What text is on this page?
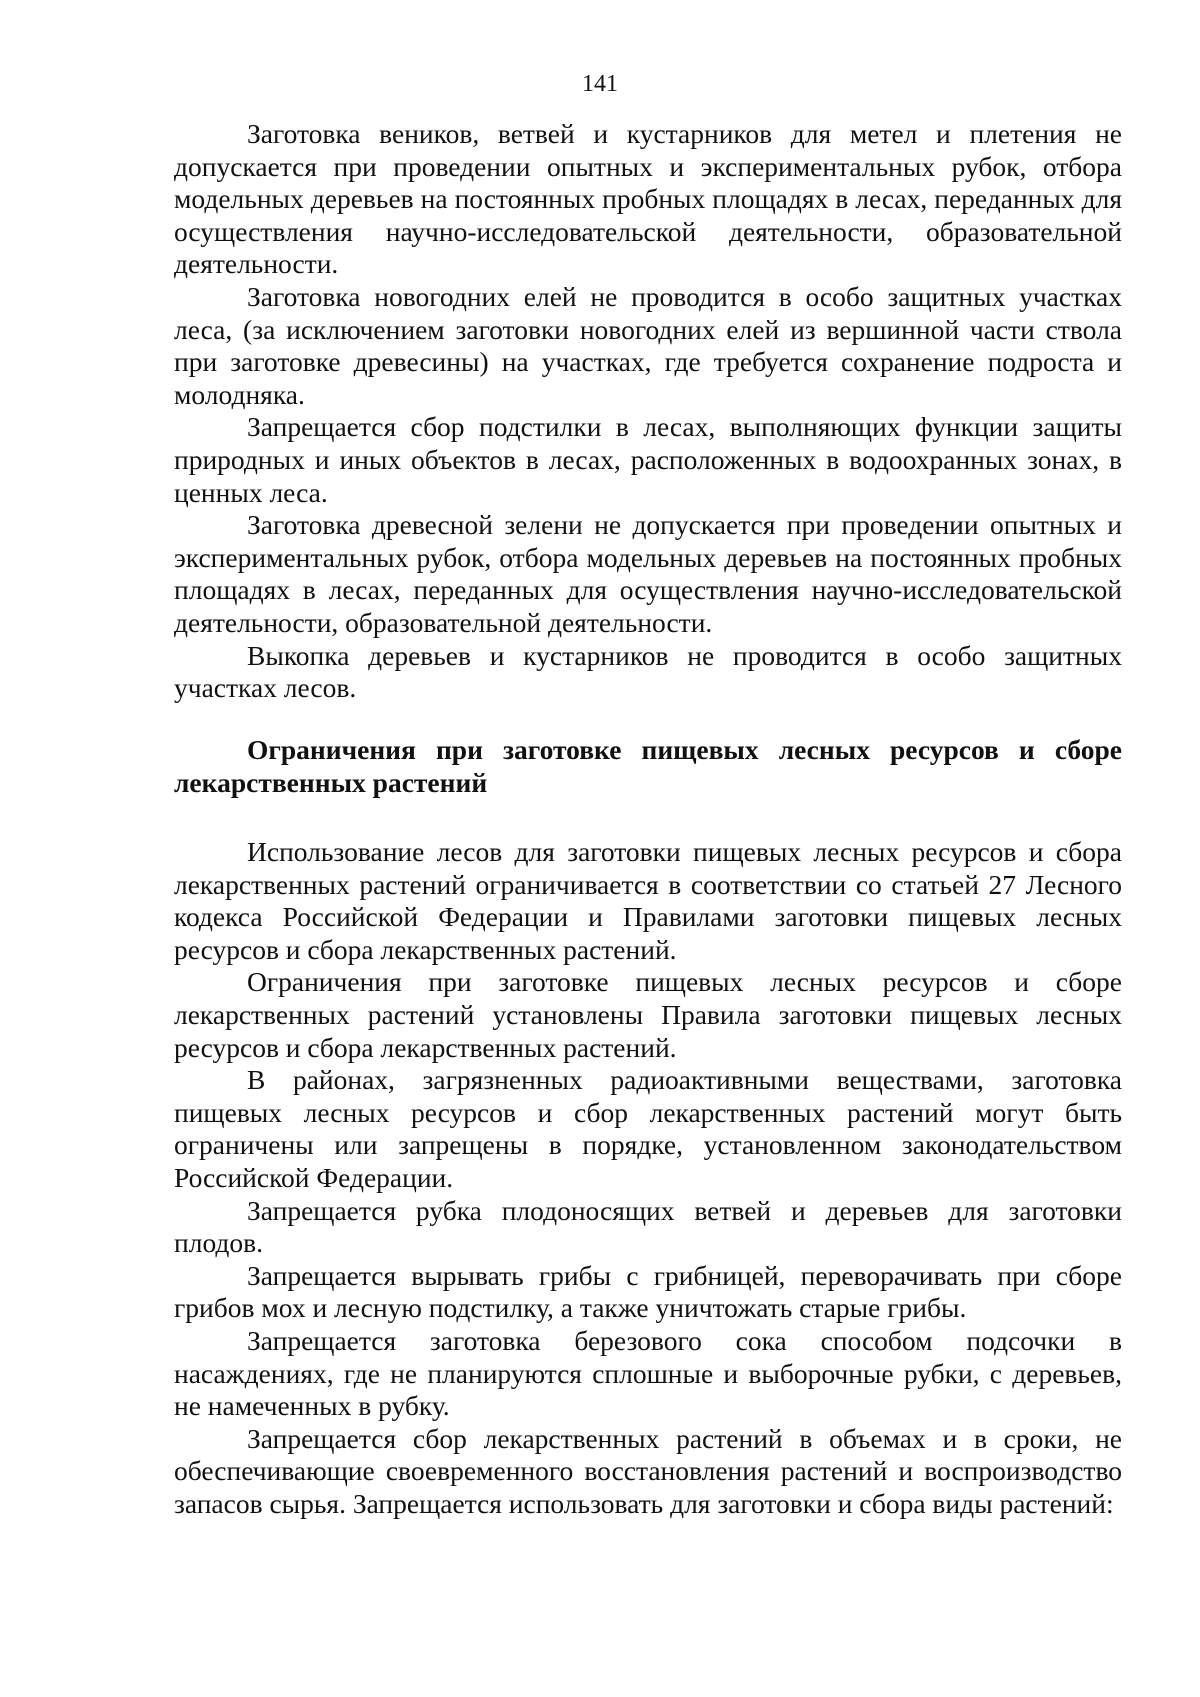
141

Заготовка веников, ветвей и кустарников для метел и плетения не допускается при проведении опытных и экспериментальных рубок, отбора модельных деревьев на постоянных пробных площадях в лесах, переданных для осуществления научно-исследовательской деятельности, образовательной деятельности.

Заготовка новогодних елей не проводится в особо защитных участках леса, (за исключением заготовки новогодних елей из вершинной части ствола при заготовке древесины) на участках, где требуется сохранение подроста и молодняка.

Запрещается сбор подстилки в лесах, выполняющих функции защиты природных и иных объектов в лесах, расположенных в водоохранных зонах, в ценных леса.

Заготовка древесной зелени не допускается при проведении опытных и экспериментальных рубок, отбора модельных деревьев на постоянных пробных площадях в лесах, переданных для осуществления научно-исследовательской деятельности, образовательной деятельности.

Выкопка деревьев и кустарников не проводится в особо защитных участках лесов.

Ограничения при заготовке пищевых лесных ресурсов и сборе лекарственных растений

Использование лесов для заготовки пищевых лесных ресурсов и сбора лекарственных растений ограничивается в соответствии со статьей 27 Лесного кодекса Российской Федерации и Правилами заготовки пищевых лесных ресурсов и сбора лекарственных растений.

Ограничения при заготовке пищевых лесных ресурсов и сборе лекарственных растений установлены Правила заготовки пищевых лесных ресурсов и сбора лекарственных растений.

В районах, загрязненных радиоактивными веществами, заготовка пищевых лесных ресурсов и сбор лекарственных растений могут быть ограничены или запрещены в порядке, установленном законодательством Российской Федерации.

Запрещается рубка плодоносящих ветвей и деревьев для заготовки плодов.

Запрещается вырывать грибы с грибницей, переворачивать при сборе грибов мох и лесную подстилку, а также уничтожать старые грибы.

Запрещается заготовка березового сока способом подсочки в насаждениях, где не планируются сплошные и выборочные рубки, с деревьев, не намеченных в рубку.

Запрещается сбор лекарственных растений в объемах и в сроки, не обеспечивающие своевременного восстановления растений и воспроизводство запасов сырья. Запрещается использовать для заготовки и сбора виды растений:
